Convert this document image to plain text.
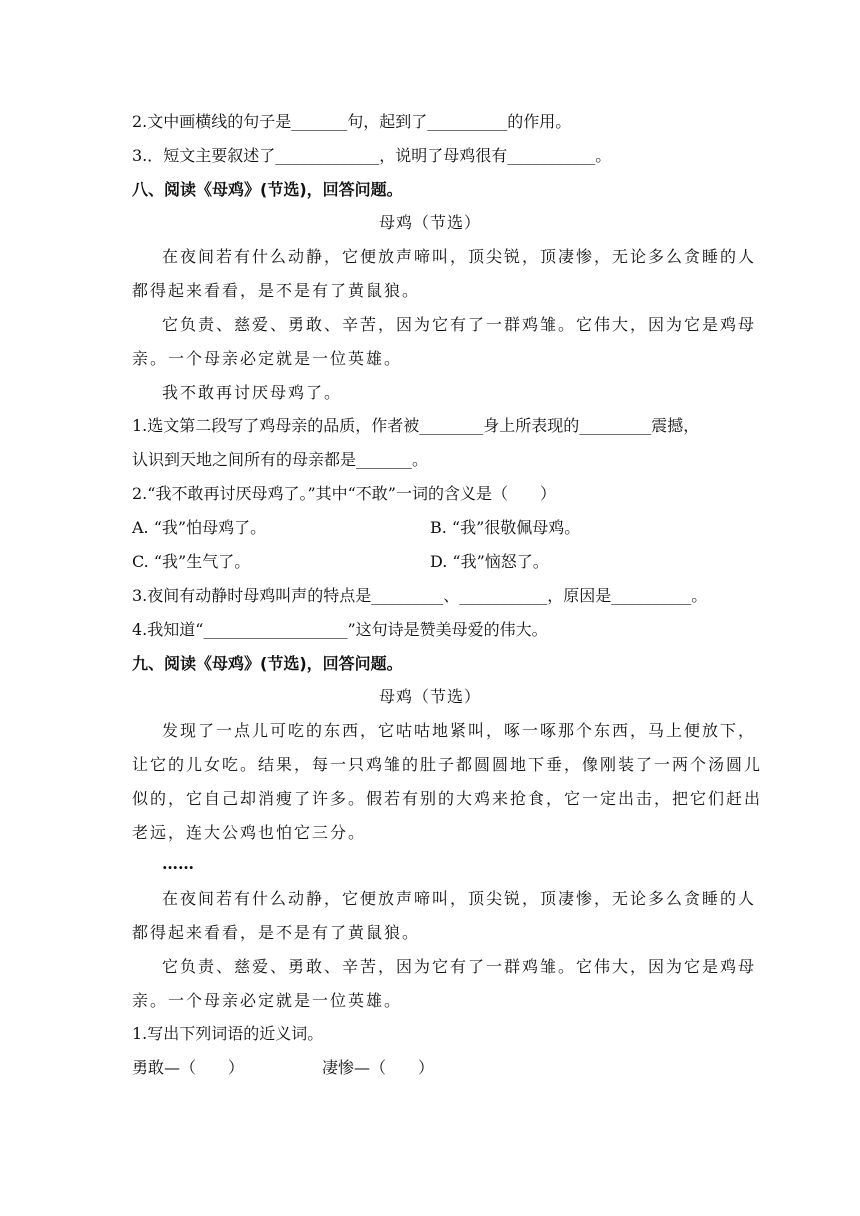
2.文中画横线的句子是_______句，起到了__________的作用。
3.．短文主要叙述了_____________，说明了母鸡很有___________。
八、阅读《母鸡》(节选)，回答问题。
母鸡（节选）
在夜间若有什么动静，它便放声啼叫，顶尖锐，顶凄惨，无论多么贪睡的人
都得起来看看，是不是有了黄鼠狼。
它负责、慈爱、勇敢、辛苦，因为它有了一群鸡雏。它伟大，因为它是鸡母
亲。一个母亲必定就是一位英雄。
我不敢再讨厌母鸡了。
1.选文第二段写了鸡母亲的品质，作者被________身上所表现的_________震撼，
认识到天地之间所有的母亲都是_______。
2.“我不敢再讨厌母鸡了。”其中“不敢”一词的含义是（　　）
A. “我”怕母鸡了。	B. “我”很敬佩母鸡。
C. “我”生气了。	D. “我”恼怒了。
3.夜间有动静时母鸡叫声的特点是_________、___________，原因是__________。
4.我知道“__________________”这句诗是赞美母爱的伟大。
九、阅读《母鸡》(节选)，回答问题。
母鸡（节选）
发现了一点儿可吃的东西，它咕咕地紧叫，啄一啄那个东西，马上便放下，
让它的儿女吃。结果，每一只鸡雏的肚子都圆圆地下垂，像刚装了一两个汤圆儿
似的，它自己却消瘦了许多。假若有别的大鸡来抢食，它一定出击，把它们赶出
老远，连大公鸡也怕它三分。
……
在夜间若有什么动静，它便放声啼叫，顶尖锐，顶凄惨，无论多么贪睡的人
都得起来看看，是不是有了黄鼠狼。
它负责、慈爱、勇敢、辛苦，因为它有了一群鸡雏。它伟大，因为它是鸡母
亲。一个母亲必定就是一位英雄。
1.写出下列词语的近义词。
勇敢—（　　）	凄惨—（　　）
